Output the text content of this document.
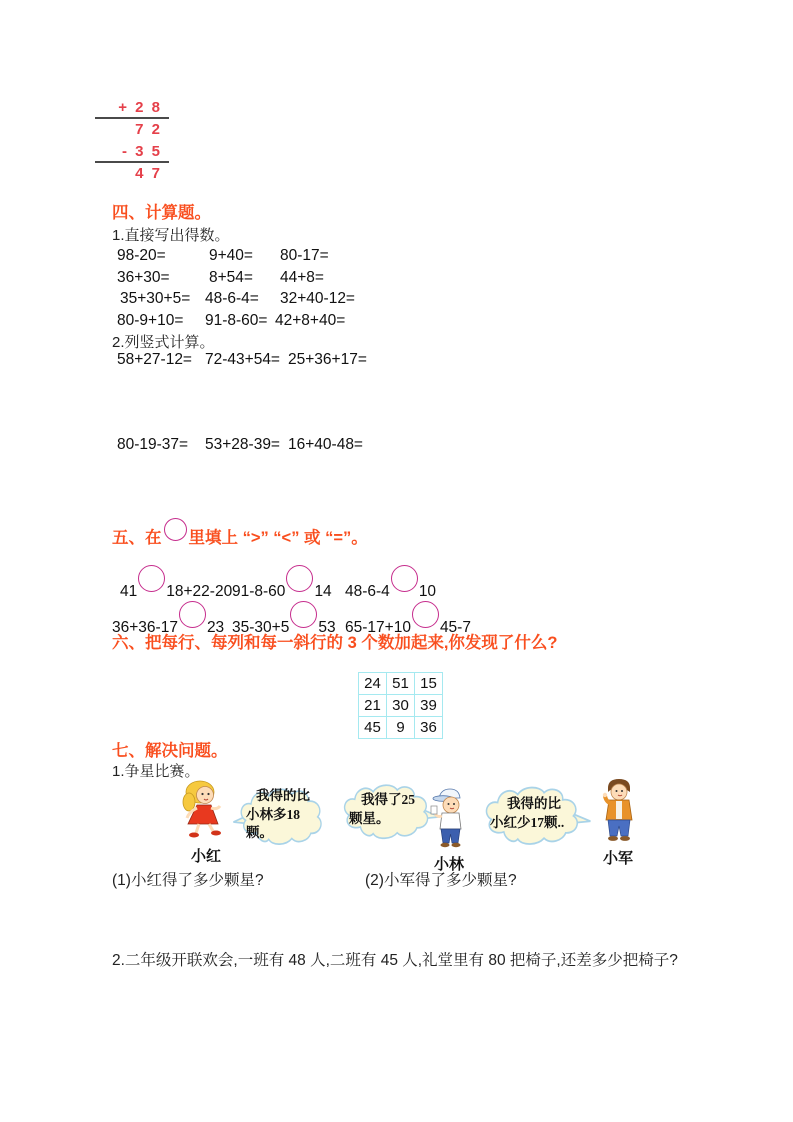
+ 2 8
7 2
- 3 5
4 7
四、计算题。
1.直接写出得数。
98-20=	9+40= 80-17=
36+30=	8+54= 44+8=
35+30+5= 48-6-4= 32+40-12=
80-9+10= 91-8-60= 42+8+40=
2.列竖式计算。
58+27-12= 72-43+54= 25+36+17=
80-19-37= 53+28-39= 16+40-48=
五、在 里填上 “>” “<” 或 “=”。
41 18+22-20 91-8-60 14 48-6-4 10
36+36-17 23 35-30+5 53 65-17+10 45-7
六、把每行、每列和每一斜行的 3 个数加起来,你发现了什么?
24	51	15
21	30	39
45	9	36
七、解决问题。
1.争星比赛。
小红
我得的比
小林多18颗。
我得了25
颗星。
小林
我得的比
小红少17颗..
小军
(1)小红得了多少颗星?	(2)小军得了多少颗星?
2.二年级开联欢会,一班有 48 人,二班有 45 人,礼堂里有 80 把椅子,还差多少把椅子?
